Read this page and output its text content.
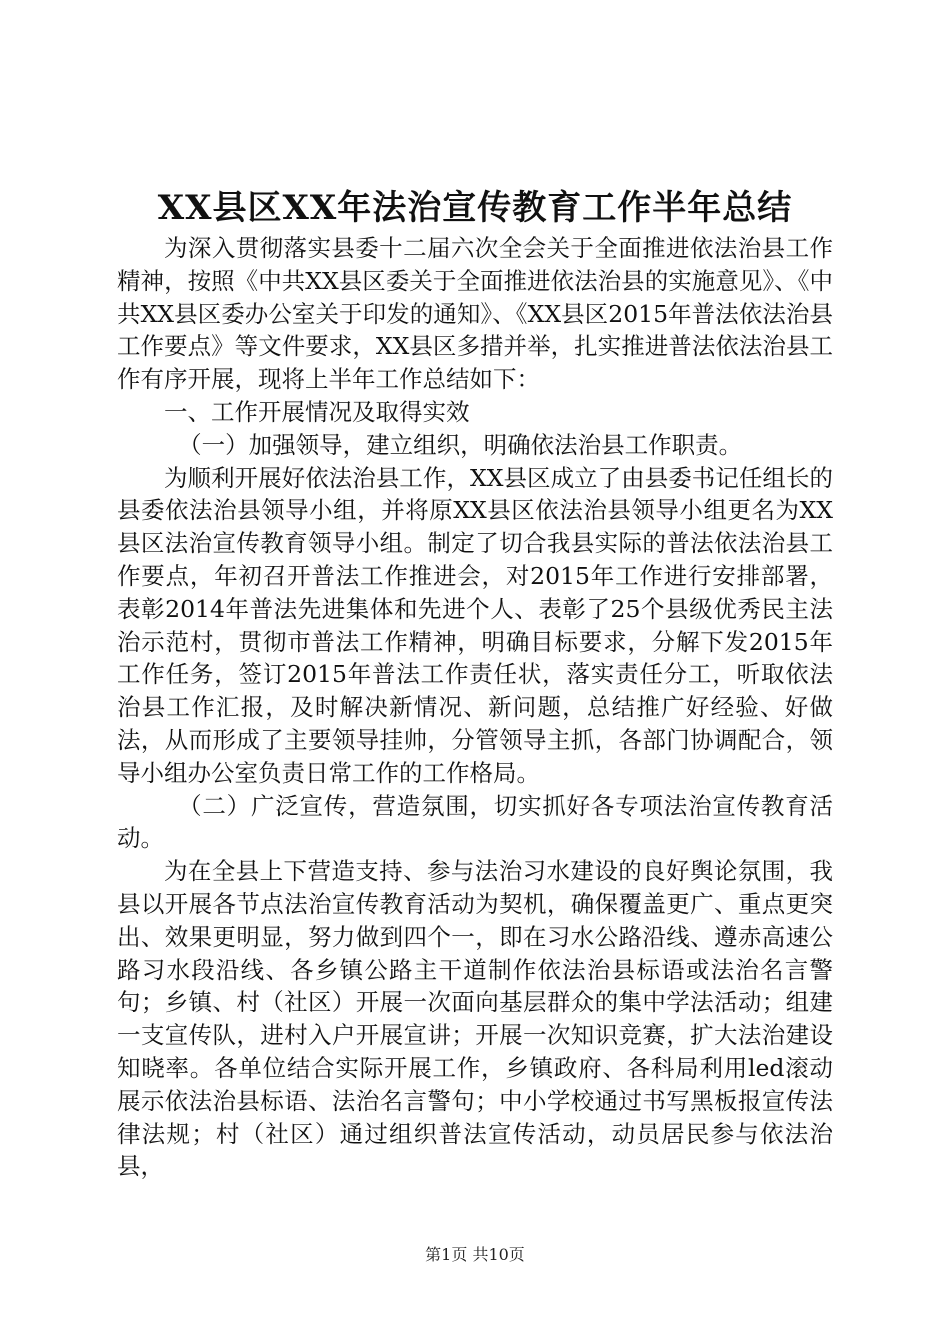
XX县区XX年法治宣传教育工作半年总结

为深入贯彻落实县委十二届六次全会关于全面推进依法治县工作精神，按照《中共XX县区委关于全面推进依法治县的实施意见》、《中共XX县区委办公室关于印发的通知》、《XX县区2015年普法依法治县工作要点》等文件要求，XX县区多措并举，扎实推进普法依法治县工作有序开展，现将上半年工作总结如下：

一、工作开展情况及取得实效

（一）加强领导，建立组织，明确依法治县工作职责。

为顺利开展好依法治县工作，XX县区成立了由县委书记任组长的县委依法治县领导小组，并将原XX县区依法治县领导小组更名为XX县区法治宣传教育领导小组。制定了切合我县实际的普法依法治县工作要点，年初召开普法工作推进会，对2015年工作进行安排部署，表彰2014年普法先进集体和先进个人、表彰了25个县级优秀民主法治示范村，贯彻市普法工作精神，明确目标要求，分解下发2015年工作任务，签订2015年普法工作责任状，落实责任分工，听取依法治县工作汇报，及时解决新情况、新问题，总结推广好经验、好做法，从而形成了主要领导挂帅，分管领导主抓，各部门协调配合，领导小组办公室负责日常工作的工作格局。

（二）广泛宣传，营造氛围，切实抓好各专项法治宣传教育活动。

为在全县上下营造支持、参与法治习水建设的良好舆论氛围，我县以开展各节点法治宣传教育活动为契机，确保覆盖更广、重点更突出、效果更明显，努力做到四个一，即在习水公路沿线、遵赤高速公路习水段沿线、各乡镇公路主干道制作依法治县标语或法治名言警句；乡镇、村（社区）开展一次面向基层群众的集中学法活动；组建一支宣传队，进村入户开展宣讲；开展一次知识竞赛，扩大法治建设知晓率。各单位结合实际开展工作，乡镇政府、各科局利用led滚动展示依法治县标语、法治名言警句；中小学校通过书写黑板报宣传法律法规；村（社区）通过组织普法宣传活动，动员居民参与依法治县，

第1页 共10页
